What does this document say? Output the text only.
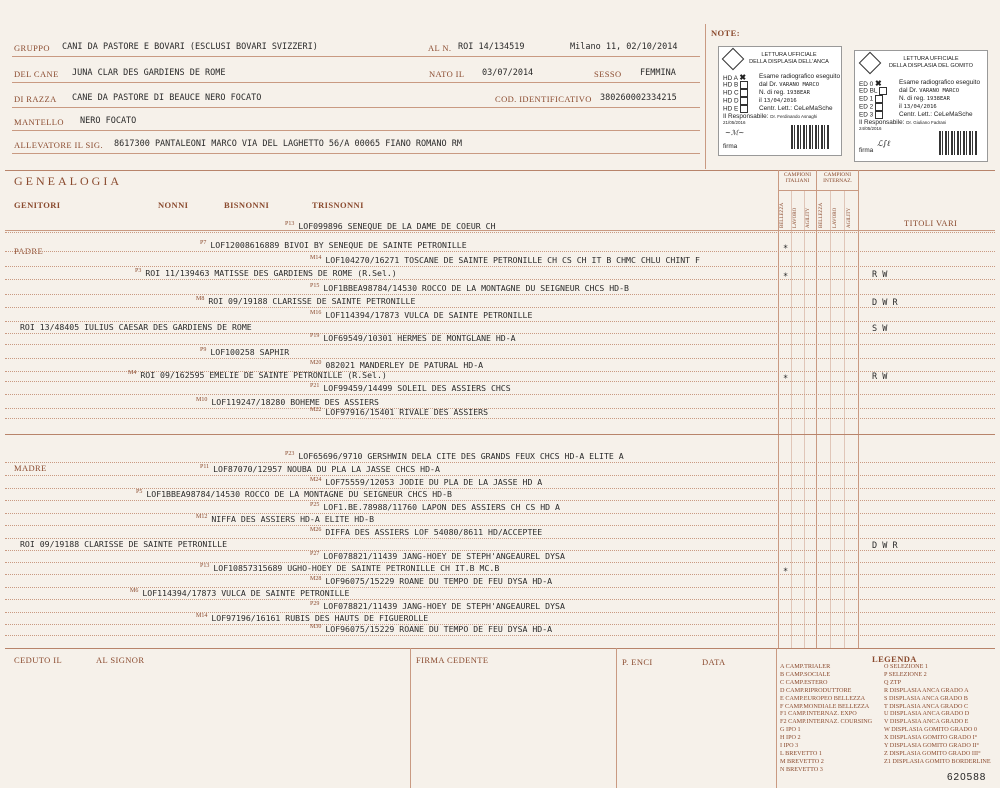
GRUPPO CANI DA PASTORE E BOVARI (ESCLUSI BOVARI SVIZZERI)	AL N. ROI 14/134519	Milano 11, 02/10/2014
DEL CANE JUNA CLAR DES GARDIENS DE ROME	NATO IL 03/07/2014	SESSO FEMMINA
DI RAZZA CANE DA PASTORE DI BEAUCE NERO FOCATO	COD. IDENTIFICATIVO 380260002334215
MANTELLO NERO FOCATO
ALLEVATORE IL SIG. 8617300 PANTALEONI MARCO VIA DEL LAGHETTO 56/A 00065 FIANO ROMANO RM
NOTE:
LETTURA UFFICIALE
DELLA DISPLASIA DELL'ANCA
HD A ✖
HD B
HD C
HD D
HD E
Esame radiografico eseguito
dal Dr. VARANO MARCO
N. di reg. 1938EAR
il 13/04/2016
Centr. Lett.: CeLeMaSche
Il Responsabile: Dr. Ferdinando Asnaghi
21/05/2016
~ℳ~
firma
LETTURA UFFICIALE
DELLA DISPLASIA DEL GOMITO
ED 0 ✖
ED BL
ED 1
ED 2
ED 3
Esame radiografico eseguito
dal Dr. VARANO MARCO
N. di reg. 1938EAR
il 13/04/2016
Centr. Lett.: CeLeMaSche
Il Responsabile: Dr. Giuliano Fadrani
24/05/2016
firma
ℒ∫ℓ
GENEALOGIA
GENITORI	NONNI	BISNONNI	TRISNONNI
CAMPIONI ITALIANI
CAMPIONI INTERNAZ.
BELLEZZA LAVORO AGILITY BELLEZZA LAVORO AGILITY	TITOLI VARI
PADRE
MADRE
$^{P13}$ LOF099896 SENEQUE DE LA DAME DE COEUR CH
$^{P7}$ LOF12008616889 BIVOI BY SENEQUE DE SAINTE PETRONILLE	*
$^{M14}$ LOF104270/16271 TOSCANE DE SAINTE PETRONILLE CH CS CH IT B CHMC CHLU CHINT F
$^{P3}$ ROI 11/139463 MATISSE DES GARDIENS DE ROME (R.Sel.)	*	R W
$^{P15}$ LOF1BBEA98784/14530 ROCCO DE LA MONTAGNE DU SEIGNEUR CHCS HD-B
$^{M8}$ ROI 09/19188 CLARISSE DE SAINTE PETRONILLE	D W R
$^{M16}$ LOF114394/17873 VULCA DE SAINTE PETRONILLE
ROI 13/48405 IULIUS CAESAR DES GARDIENS DE ROME	S W
$^{P19}$ LOF69549/10301 HERMES DE MONTGLANE HD-A
$^{P9}$ LOF100258 SAPHIR
$^{M20}$ 082021 MANDERLEY DE PATURAL HD-A
$^{M4}$ ROI 09/162595 EMELIE DE SAINTE PETRONILLE (R.Sel.)	*	R W
$^{P21}$ LOF99459/14499 SOLEIL DES ASSIERS CHCS
$^{M10}$ LOF119247/18280 BOHEME DES ASSIERS
$^{M22}$ LOF97916/15401 RIVALE DES ASSIERS
$^{P23}$ LOF65696/9710 GERSHWIN DELA CITE DES GRANDS FEUX CHCS HD-A ELITE A
$^{P11}$ LOF87070/12957 NOUBA DU PLA LA JASSE CHCS HD-A
$^{M24}$ LOF75559/12053 JODIE DU PLA DE LA JASSE HD A
$^{P5}$ LOF1BBEA98784/14530 ROCCO DE LA MONTAGNE DU SEIGNEUR CHCS HD-B
$^{P25}$ LOF1.BE.78988/11760 LAPON DES ASSIERS CH CS HD A
$^{M12}$ NIFFA DES ASSIERS HD-A ELITE HD-B
$^{M26}$ DIFFA DES ASSIERS LOF 54080/8611 HD/ACCEPTEE
ROI 09/19188 CLARISSE DE SAINTE PETRONILLE	D W R
$^{P27}$ LOF078821/11439 JANG-HOEY DE STEPH'ANGEAUREL DYSA
$^{P13}$ LOF10857315689 UGHO-HOEY DE SAINTE PETRONILLE CH IT.B MC.B	*
$^{M28}$ LOF96075/15229 ROANE DU TEMPO DE FEU DYSA HD-A
$^{M6}$ LOF114394/17873 VULCA DE SAINTE PETRONILLE
$^{P29}$ LOF078821/11439 JANG-HOEY DE STEPH'ANGEAUREL DYSA
$^{M14}$ LOF97196/16161 RUBIS DES HAUTS DE FIGUEROLLE
$^{M30}$ LOF96075/15229 ROANE DU TEMPO DE FEU DYSA HD-A
CEDUTO IL	AL SIGNOR	FIRMA CEDENTE	P. ENCI	DATA	LEGENDA
A CAMP.TRIALER
B CAMP.SOCIALE
C CAMP.ESTERO
D CAMP.RIPRODUTTORE
E CAMP.EUROPEO BELLEZZA
F CAMP.MONDIALE BELLEZZA
F1 CAMP.INTERNAZ. EXPO
F2 CAMP.INTERNAZ. COURSING
G IPO 1
H IPO 2
I IPO 3
L BREVETTO 1
M BREVETTO 2
N BREVETTO 3
O SELEZIONE 1
P SELEZIONE 2
Q ZTP
R DISPLASIA ANCA GRADO A
S DISPLASIA ANCA GRADO B
T DISPLASIA ANCA GRADO C
U DISPLASIA ANCA GRADO D
V DISPLASIA ANCA GRADO E
W DISPLASIA GOMITO GRADO 0
X DISPLASIA GOMITO GRADO I°
Y DISPLASIA GOMITO GRADO II°
Z DISPLASIA GOMITO GRADO III°
Z1 DISPLASIA GOMITO BORDERLINE
620588
